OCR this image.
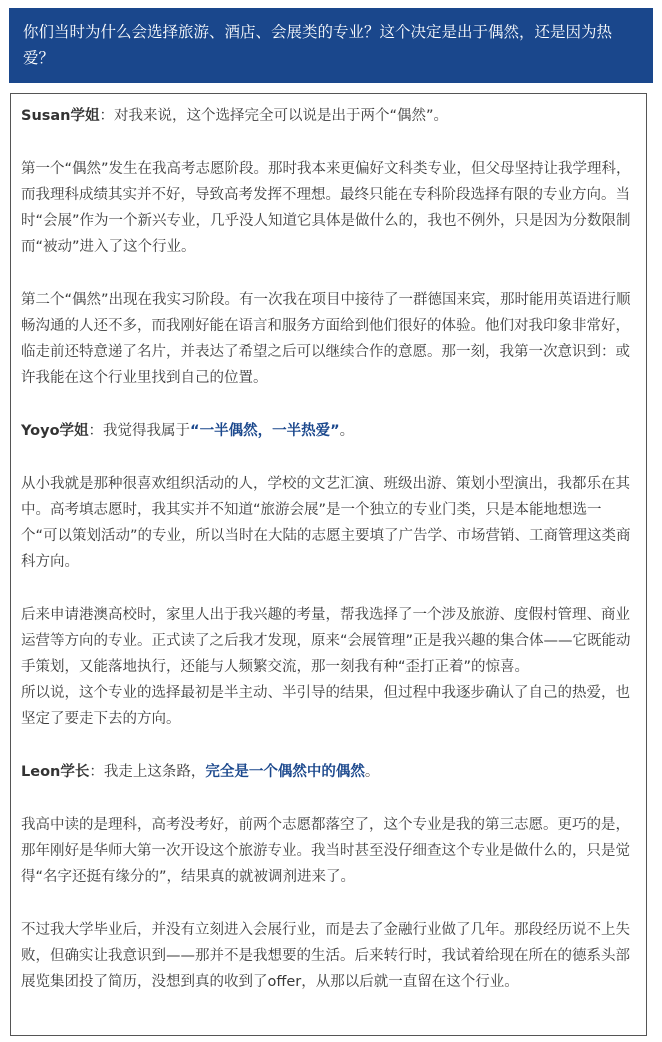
你们当时为什么会选择旅游、酒店、会展类的专业？这个决定是出于偶然，还是因为热爱？

Susan学姐：对我来说，这个选择完全可以说是出于两个“偶然”。

第一个“偶然”发生在我高考志愿阶段。那时我本来更偏好文科类专业，但父母坚持让我学理科，而我理科成绩其实并不好，导致高考发挥不理想。最终只能在专科阶段选择有限的专业方向。当时“会展”作为一个新兴专业，几乎没人知道它具体是做什么的，我也不例外，只是因为分数限制而“被动”进入了这个行业。

第二个“偶然”出现在我实习阶段。有一次我在项目中接待了一群德国来宾，那时能用英语进行顺畅沟通的人还不多，而我刚好能在语言和服务方面给到他们很好的体验。他们对我印象非常好，临走前还特意递了名片，并表达了希望之后可以继续合作的意愿。那一刻，我第一次意识到：或许我能在这个行业里找到自己的位置。

Yoyo学姐：我觉得我属于“一半偶然，一半热爱”。

从小我就是那种很喜欢组织活动的人，学校的文艺汇演、班级出游、策划小型演出，我都乐在其中。高考填志愿时，我其实并不知道“旅游会展”是一个独立的专业门类，只是本能地想选一个“可以策划活动”的专业，所以当时在大陆的志愿主要填了广告学、市场营销、工商管理这类商科方向。

后来申请港澳高校时，家里人出于我兴趣的考量，帮我选择了一个涉及旅游、度假村管理、商业运营等方向的专业。正式读了之后我才发现，原来“会展管理”正是我兴趣的集合体——它既能动手策划，又能落地执行，还能与人频繁交流，那一刻我有种“歪打正着”的惊喜。

所以说，这个专业的选择最初是半主动、半引导的结果，但过程中我逐步确认了自己的热爱，也坚定了要走下去的方向。

Leon学长：我走上这条路，完全是一个偶然中的偶然。

我高中读的是理科，高考没考好，前两个志愿都落空了，这个专业是我的第三志愿。更巧的是，那年刚好是华师大第一次开设这个旅游专业。我当时甚至没仔细查这个专业是做什么的，只是觉得“名字还挺有缘分的”，结果真的就被调剂进来了。

不过我大学毕业后，并没有立刻进入会展行业，而是去了金融行业做了几年。那段经历说不上失败，但确实让我意识到——那并不是我想要的生活。后来转行时，我试着给现在所在的德系头部展览集团投了简历，没想到真的收到了offer，从那以后就一直留在这个行业。
